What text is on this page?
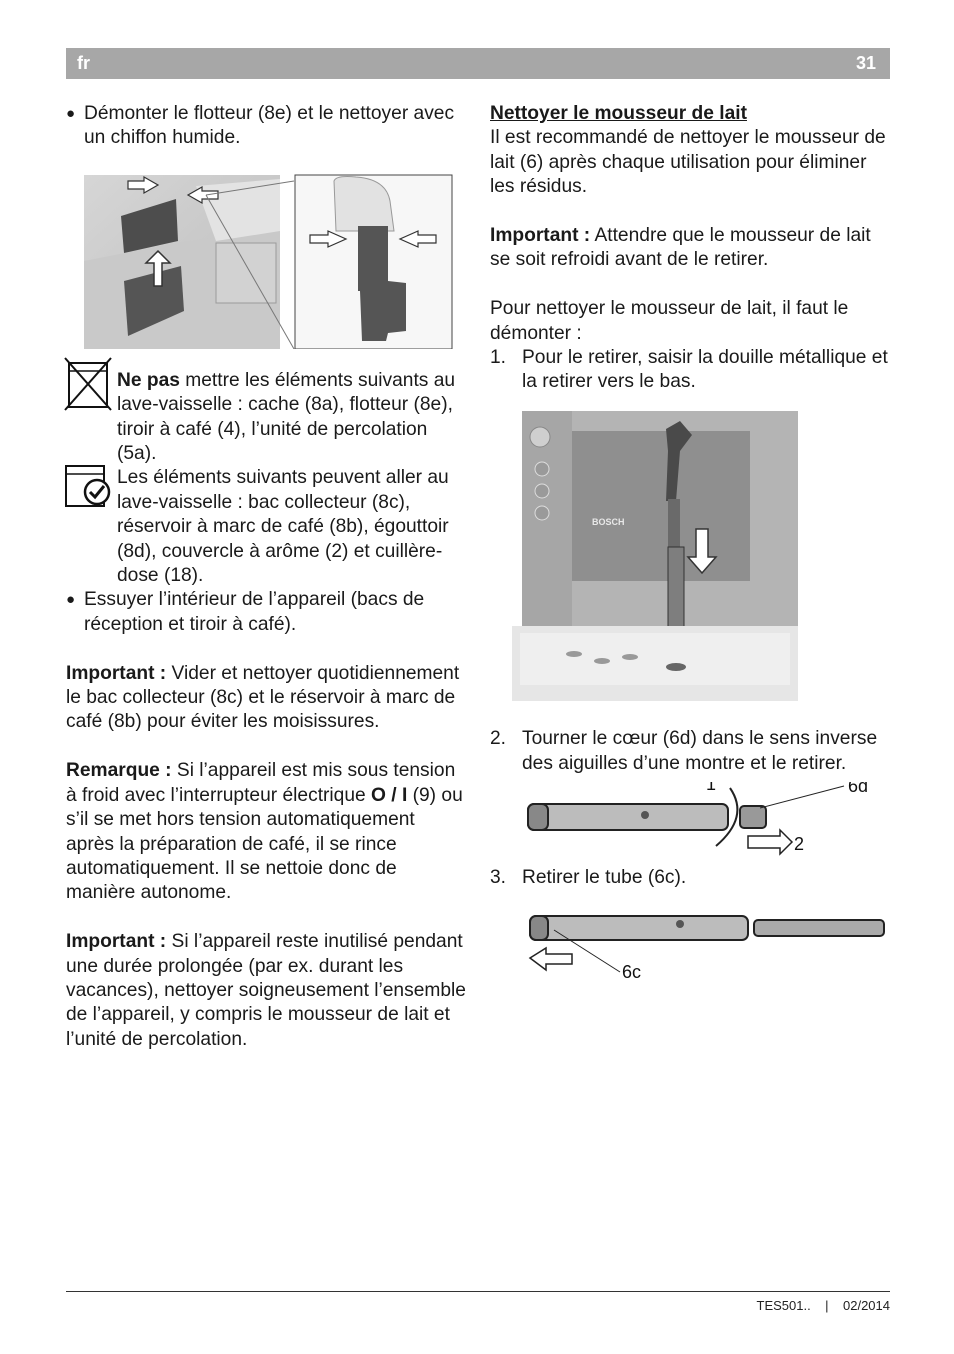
fr	31

● Démonter le flotteur (8e) et le nettoyer avec un chiffon humide.

Ne pas mettre les éléments suivants au lave-vaisselle : cache (8a), flotteur (8e), tiroir à café (4), l’unité de percolation (5a).

Les éléments suivants peuvent aller au lave-vaisselle : bac collecteur (8c), réservoir à marc de café (8b), égouttoir (8d), couvercle à arôme (2) et cuillère-dose (18).

● Essuyer l’intérieur de l’appareil (bacs de réception et tiroir à café).

Important : Vider et nettoyer quotidiennement le bac collecteur (8c) et le réservoir à marc de café (8b) pour éviter les moisissures.

Remarque : Si l’appareil est mis sous tension à froid avec l’interrupteur électrique O / I (9) ou s’il se met hors tension automatiquement après la préparation de café, il se rince automatiquement. Il se nettoie donc de manière autonome.

Important : Si l’appareil reste inutilisé pendant une durée prolongée (par ex. durant les vacances), nettoyer soigneusement l’ensemble de l’appareil, y compris le mousseur de lait et l’unité de percolation.

Nettoyer le mousseur de lait

Il est recommandé de nettoyer le mousseur de lait (6) après chaque utilisation pour éliminer les résidus.

Important : Attendre que le mousseur de lait se soit refroidi avant de le retirer.

Pour nettoyer le mousseur de lait, il faut le démonter :

1. Pour le retirer, saisir la douille métallique et la retirer vers le bas.

BOSCH

2. Tourner le cœur (6d) dans le sens inverse des aiguilles d’une montre et le retirer.

1	6d
2

3. Retirer le tube (6c).

6c
TES501.. | 02/2014
